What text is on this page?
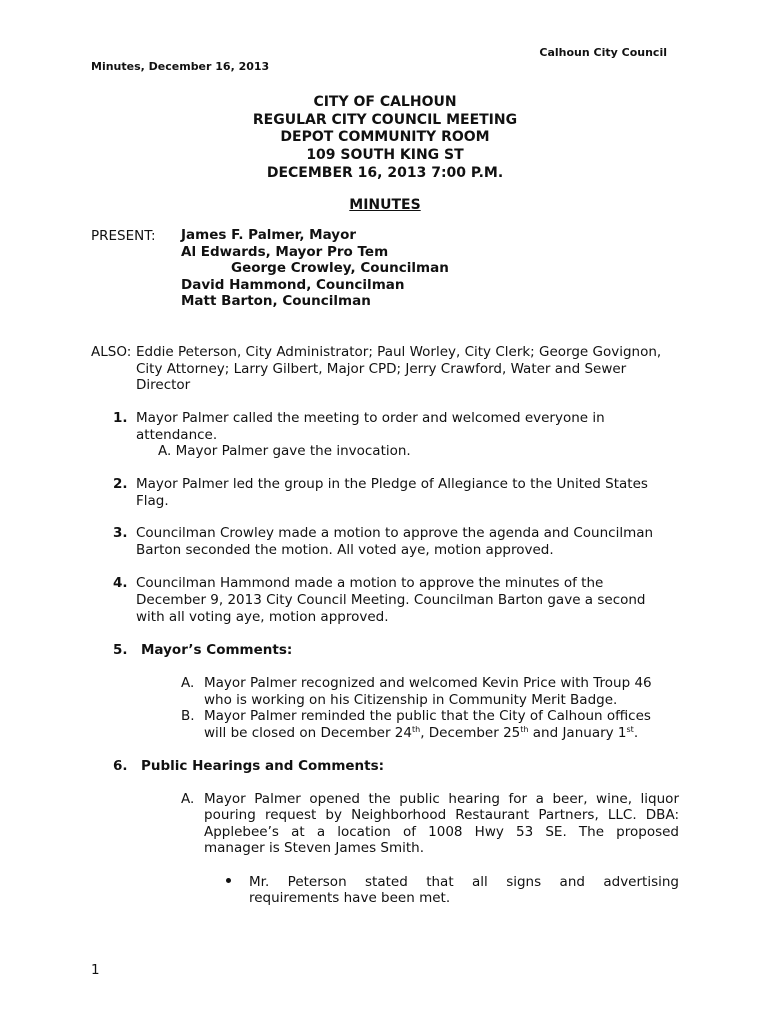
Calhoun City Council
Minutes, December 16, 2013
CITY OF CALHOUN
REGULAR CITY COUNCIL MEETING
DEPOT COMMUNITY ROOM
109 SOUTH KING ST
DECEMBER 16, 2013 7:00 P.M.
MINUTES
PRESENT: James F. Palmer, Mayor
Al Edwards, Mayor Pro Tem
George Crowley, Councilman
David Hammond, Councilman
Matt Barton, Councilman
ALSO: Eddie Peterson, City Administrator; Paul Worley, City Clerk; George Govignon,
City Attorney; Larry Gilbert, Major CPD; Jerry Crawford, Water and Sewer
Director
1. Mayor Palmer called the meeting to order and welcomed everyone in
attendance.
A. Mayor Palmer gave the invocation.
2. Mayor Palmer led the group in the Pledge of Allegiance to the United States
Flag.
3. Councilman Crowley made a motion to approve the agenda and Councilman
Barton seconded the motion. All voted aye, motion approved.
4. Councilman Hammond made a motion to approve the minutes of the
December 9, 2013 City Council Meeting. Councilman Barton gave a second
with all voting aye, motion approved.
5. Mayor’s Comments:
A. Mayor Palmer recognized and welcomed Kevin Price with Troup 46
who is working on his Citizenship in Community Merit Badge.
B. Mayor Palmer reminded the public that the City of Calhoun offices
will be closed on December 24th, December 25th and January 1st.
6. Public Hearings and Comments:
A. Mayor Palmer opened the public hearing for a beer, wine, liquor
pouring request by Neighborhood Restaurant Partners, LLC. DBA:
Applebee’s at a location of 1008 Hwy 53 SE. The proposed
manager is Steven James Smith.
Mr. Peterson stated that all signs and advertising
requirements have been met.
1
